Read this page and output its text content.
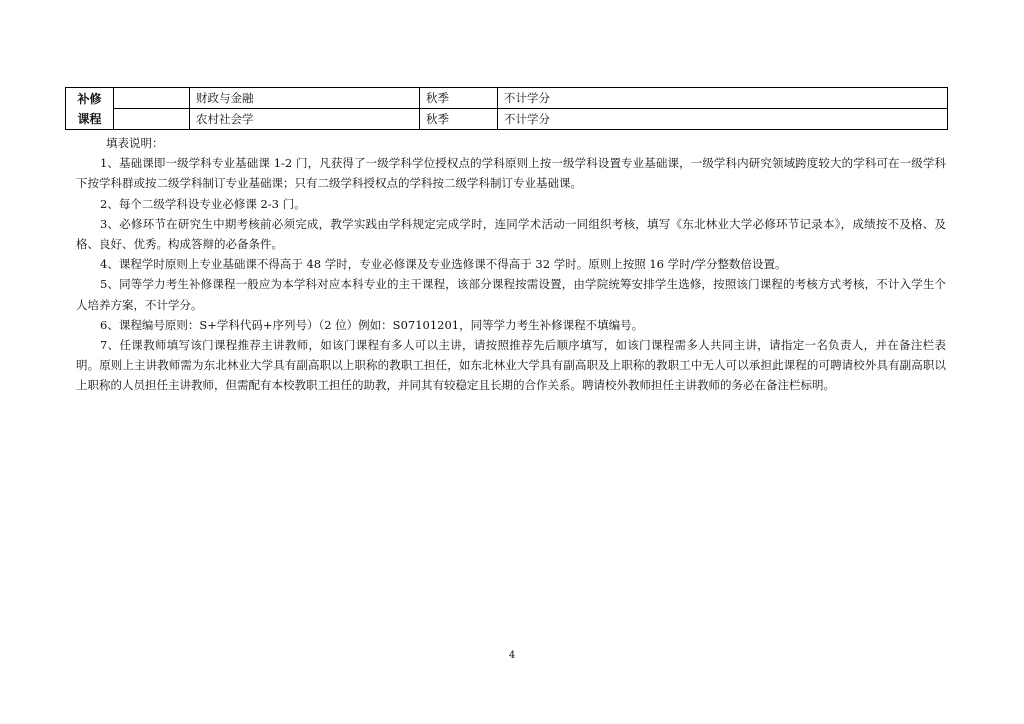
补修课程		财政与金融	秋季	不计学分
		农村社会学	秋季	不计学分

填表说明：

1、基础课即一级学科专业基础课 1-2 门，凡获得了一级学科学位授权点的学科原则上按一级学科设置专业基础课，一级学科内研究领域跨度较大的学科可在一级学科下按学科群或按二级学科制订专业基础课；只有二级学科授权点的学科按二级学科制订专业基础课。

2、每个二级学科设专业必修课 2-3 门。

3、必修环节在研究生中期考核前必须完成，教学实践由学科规定完成学时，连同学术活动一同组织考核，填写《东北林业大学必修环节记录本》，成绩按不及格、及格、良好、优秀。构成答辩的必备条件。

4、课程学时原则上专业基础课不得高于 48 学时，专业必修课及专业选修课不得高于 32 学时。原则上按照 16 学时/学分整数倍设置。

5、同等学力考生补修课程一般应为本学科对应本科专业的主干课程，该部分课程按需设置，由学院统筹安排学生选修，按照该门课程的考核方式考核，不计入学生个人培养方案，不计学分。

6、课程编号原则：S+学科代码+序列号）（2 位）例如：S07101201，同等学力考生补修课程不填编号。

7、任课教师填写该门课程推荐主讲教师，如该门课程有多人可以主讲，请按照推荐先后顺序填写，如该门课程需多人共同主讲，请指定一名负责人，并在备注栏表明。原则上主讲教师需为东北林业大学具有副高职以上职称的教职工担任，如东北林业大学具有副高职及上职称的教职工中无人可以承担此课程的可聘请校外具有副高职以上职称的人员担任主讲教师，但需配有本校教职工担任的助教，并同其有较稳定且长期的合作关系。聘请校外教师担任主讲教师的务必在备注栏标明。

4
